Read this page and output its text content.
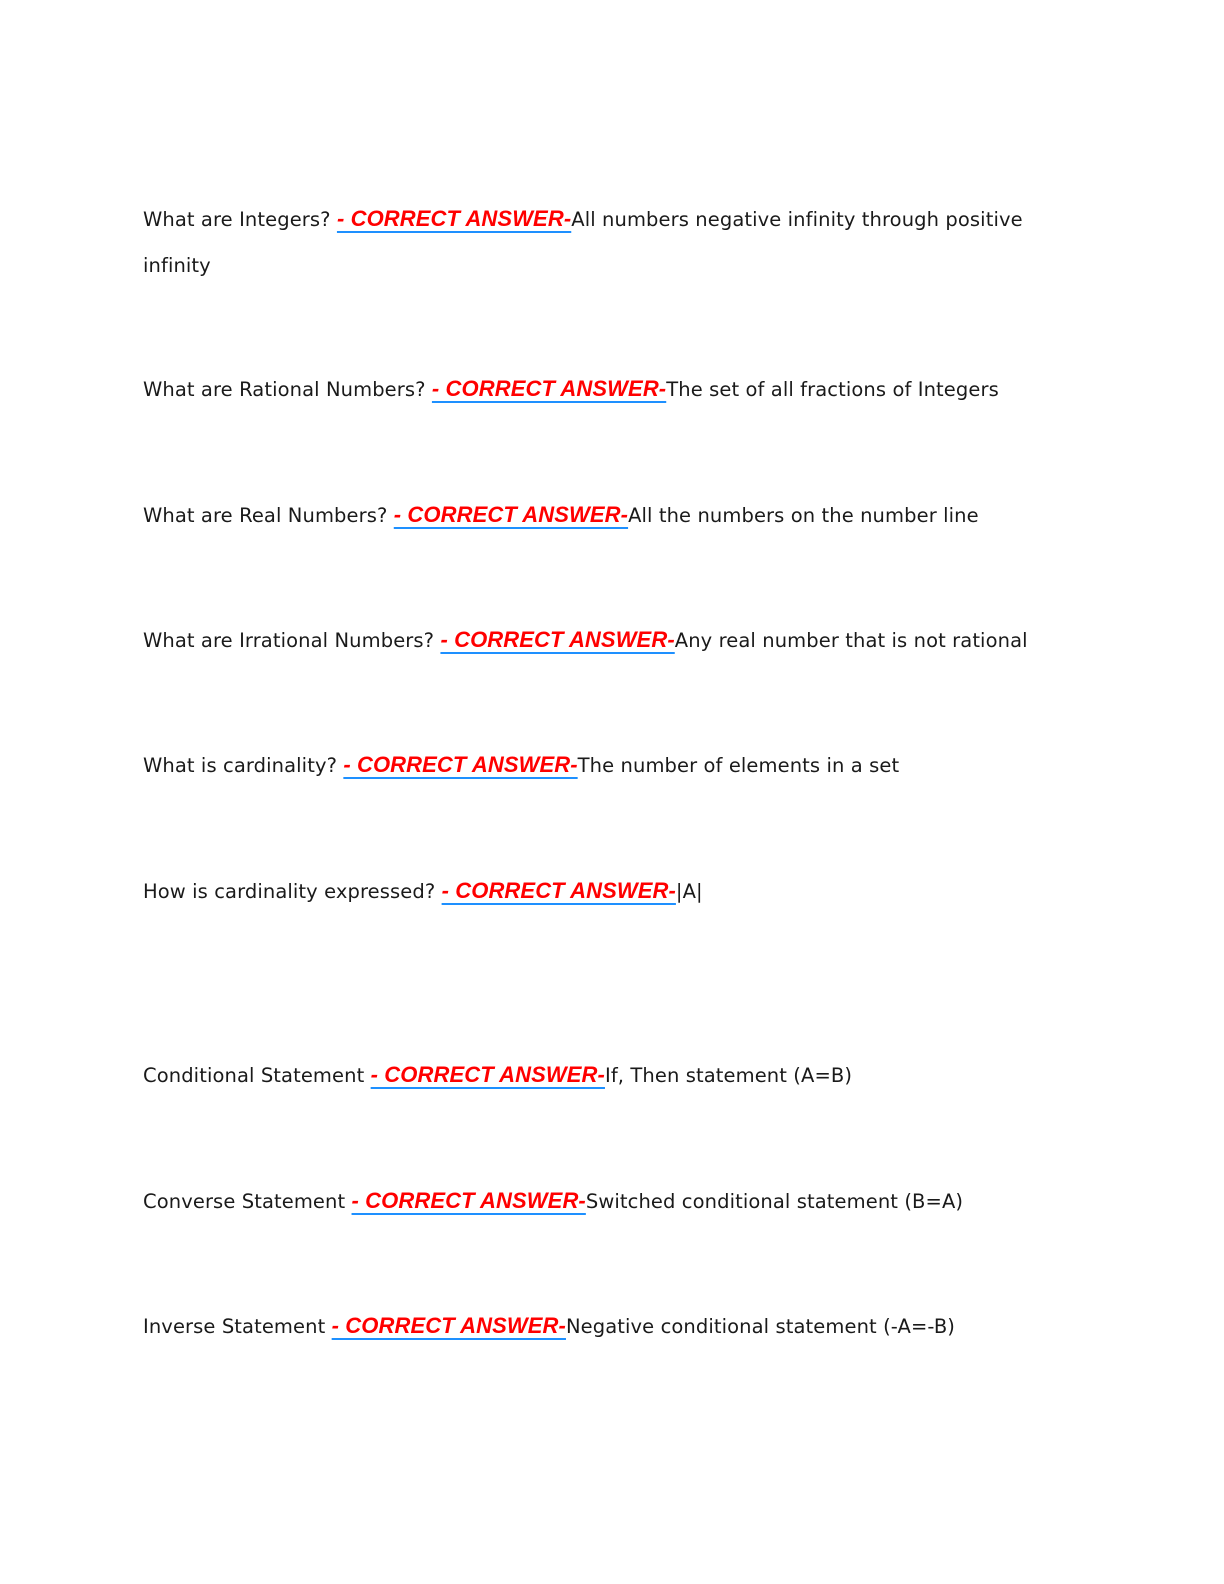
What are Integers? - CORRECT ANSWER-All numbers negative infinity through positive infinity

What are Rational Numbers? - CORRECT ANSWER-The set of all fractions of Integers

What are Real Numbers? - CORRECT ANSWER-All the numbers on the number line

What are Irrational Numbers? - CORRECT ANSWER-Any real number that is not rational

What is cardinality? - CORRECT ANSWER-The number of elements in a set

How is cardinality expressed? - CORRECT ANSWER-|A|

Conditional Statement - CORRECT ANSWER-If, Then statement (A=B)

Converse Statement - CORRECT ANSWER-Switched conditional statement (B=A)

Inverse Statement - CORRECT ANSWER-Negative conditional statement (-A=-B)
